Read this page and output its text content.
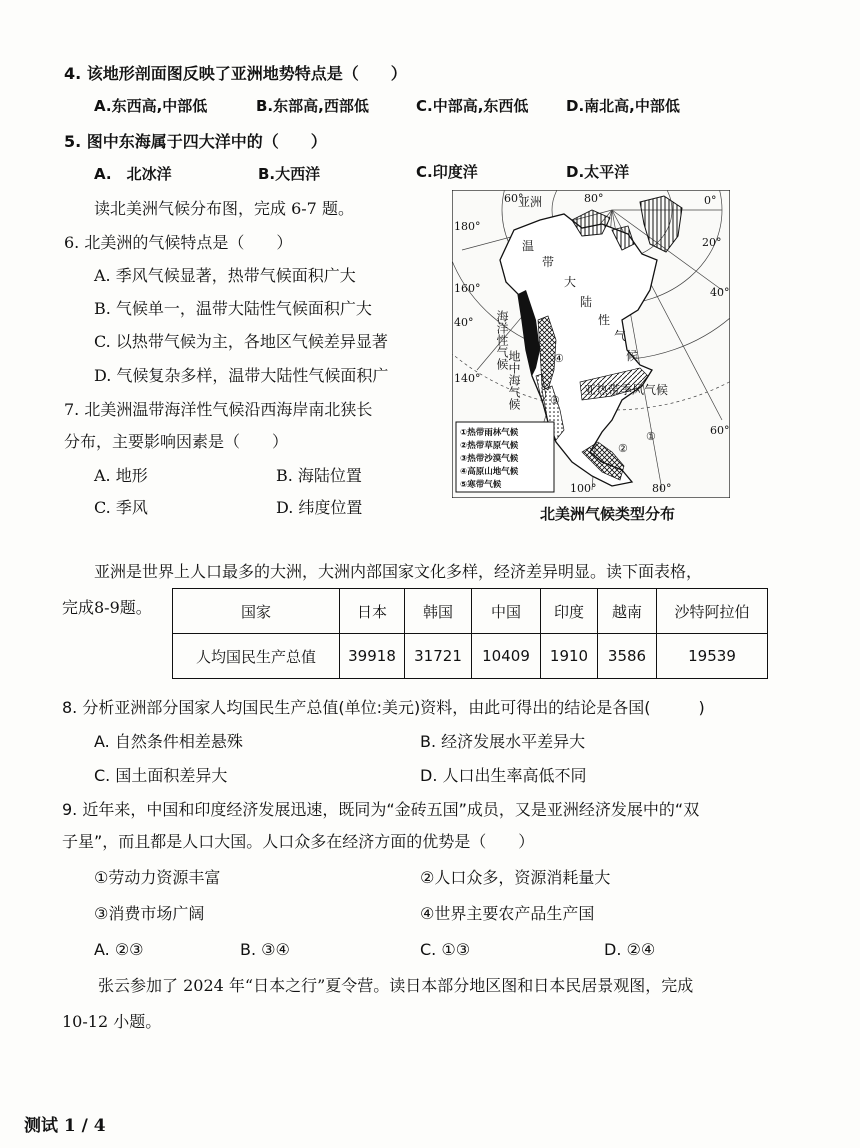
4. 该地形剖面图反映了亚洲地势特点是（　　）
A.东西高,中部低	B.东部高,西部低	C.中部高,东西低	D.南北高,中部低
5. 图中东海属于四大洋中的（　　）
A.　北冰洋	B.大西洋	C.印度洋	D.太平洋
读北美洲气候分布图，完成 6-7 题。
6. 北美洲的气候特点是（　　）
A. 季风气候显著，热带气候面积广大
B. 气候单一，温带大陆性气候面积广大
C. 以热带气候为主，各地区气候差异显著
D. 气候复杂多样，温带大陆性气候面积广
7. 北美洲温带海洋性气候沿西海岸南北狭长
分布，主要影响因素是（　　）
A. 地形	B. 海陆位置
C. 季风	D. 纬度位置
60°	80°
180°
0°
20°
160°
40°
40°
140°
60°
100°	80°
亚洲
温
带
大
陆
性
气
候
海洋性气候
地中海气候	亚热带季风气候
④
③
①
②
①热带雨林气候
②热带草原气候
③热带沙漠气候
④高原山地气候
⑤寒带气候
北美洲气候类型分布
亚洲是世界上人口最多的大洲，大洲内部国家文化多样，经济差异明显。读下面表格，
完成8-9题。	国家	日本	韩国	中国	印度	越南	沙特阿拉伯
人均国民生产总值	39918	31721	10409	1910	3586	19539
8. 分析亚洲部分国家人均国民生产总值(单位:美元)资料，由此可得出的结论是各国(　　　)
A. 自然条件相差悬殊	B. 经济发展水平差异大
C. 国土面积差异大	D. 人口出生率高低不同
9. 近年来，中国和印度经济发展迅速，既同为“金砖五国”成员，又是亚洲经济发展中的“双
子星”，而且都是人口大国。人口众多在经济方面的优势是（　　）
①劳动力资源丰富	②人口众多，资源消耗量大
③消费市场广阔	④世界主要农产品生产国
A. ②③	B. ③④	C. ①③	D. ②④
张云参加了 2024 年“日本之行”夏令营。读日本部分地区图和日本民居景观图，完成
10-12 小题。
测试 1 / 4
